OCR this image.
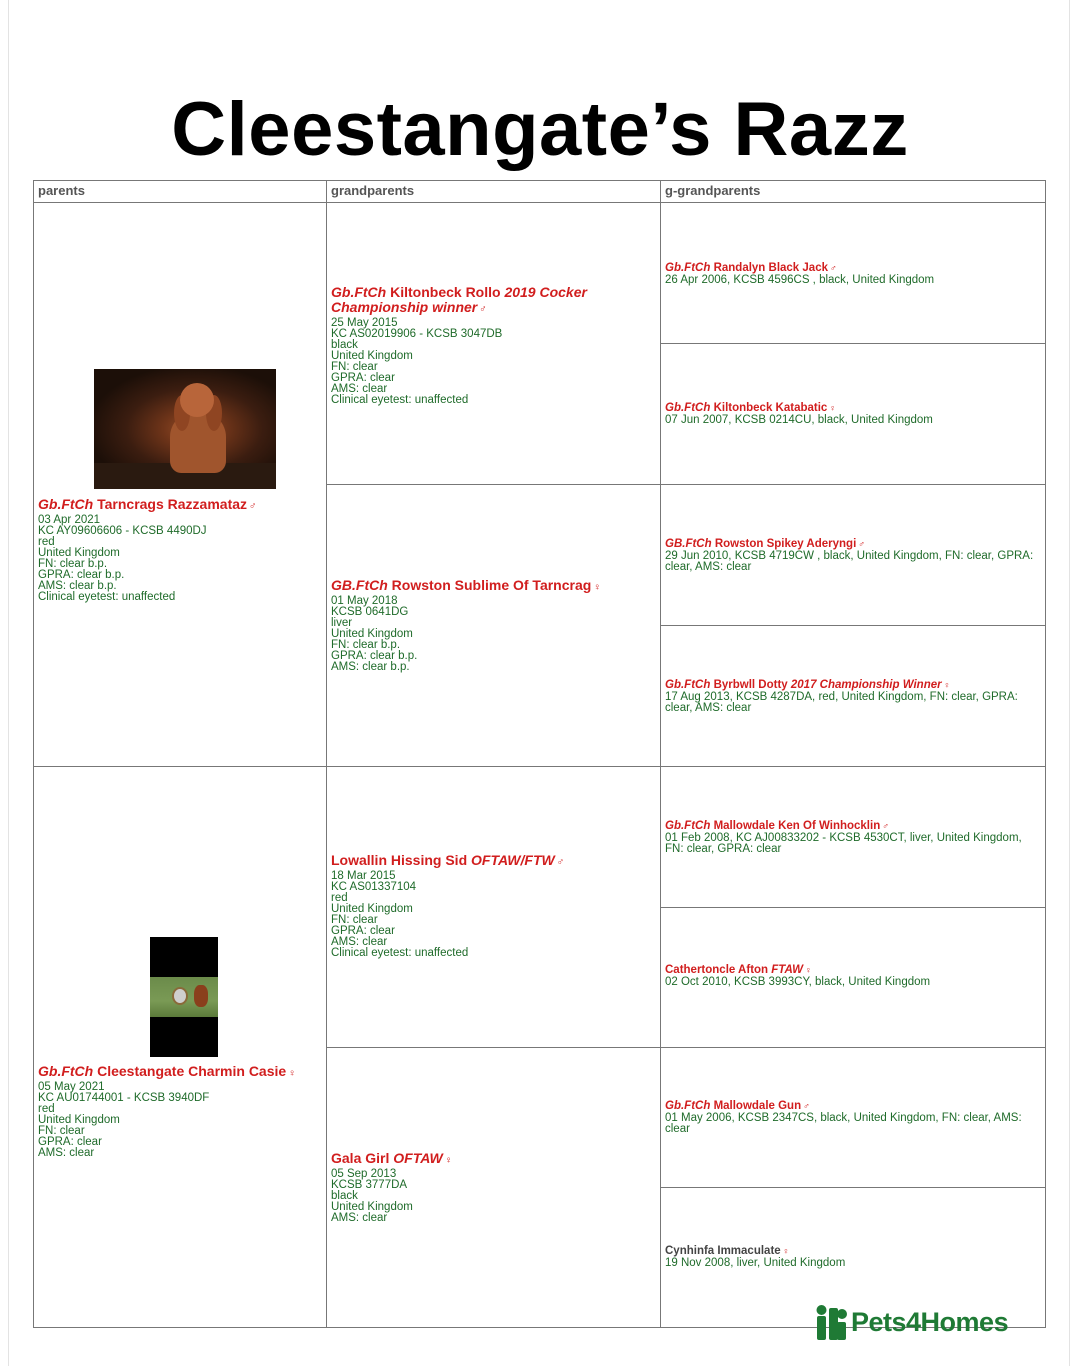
Cleestangate’s Razz
parents	grandparents	g-grandparents
Gb.FtCh Tarncrags Razzamataz ♂
03 Apr 2021
KC AY09606606 - KCSB 4490DJ
red
United Kingdom
FN: clear b.p.
GPRA: clear b.p.
AMS: clear b.p.
Clinical eyetest: unaffected
Gb.FtCh Cleestangate Charmin Casie ♀
05 May 2021
KC AU01744001 - KCSB 3940DF
red
United Kingdom
FN: clear
GPRA: clear
AMS: clear
Gb.FtCh Kiltonbeck Rollo 2019 Cocker Championship winner ♂
25 May 2015
KC AS02019906 - KCSB 3047DB
black
United Kingdom
FN: clear
GPRA: clear
AMS: clear
Clinical eyetest: unaffected
GB.FtCh Rowston Sublime Of Tarncrag ♀
01 May 2018
KCSB 0641DG
liver
United Kingdom
FN: clear b.p.
GPRA: clear b.p.
AMS: clear b.p.
Lowallin Hissing Sid OFTAW/FTW ♂
18 Mar 2015
KC AS01337104
red
United Kingdom
FN: clear
GPRA: clear
AMS: clear
Clinical eyetest: unaffected
Gala Girl OFTAW ♀
05 Sep 2013
KCSB 3777DA
black
United Kingdom
AMS: clear
Gb.FtCh Randalyn Black Jack ♂
26 Apr 2006, KCSB 4596CS , black, United Kingdom
Gb.FtCh Kiltonbeck Katabatic ♀
07 Jun 2007, KCSB 0214CU, black, United Kingdom
GB.FtCh Rowston Spikey Aderyngi ♂
29 Jun 2010, KCSB 4719CW , black, United Kingdom, FN: clear, GPRA: clear, AMS: clear
Gb.FtCh Byrbwll Dotty 2017 Championship Winner ♀
17 Aug 2013, KCSB 4287DA, red, United Kingdom, FN: clear, GPRA: clear, AMS: clear
Gb.FtCh Mallowdale Ken Of Winhocklin ♂
01 Feb 2008, KC AJ00833202 - KCSB 4530CT, liver, United Kingdom, FN: clear, GPRA: clear
Cathertoncle Afton FTAW ♀
02 Oct 2010, KCSB 3993CY, black, United Kingdom
Gb.FtCh Mallowdale Gun ♂
01 May 2006, KCSB 2347CS, black, United Kingdom, FN: clear, AMS: clear
Cynhinfa Immaculate ♀
19 Nov 2008, liver, United Kingdom
Pets4Homes
